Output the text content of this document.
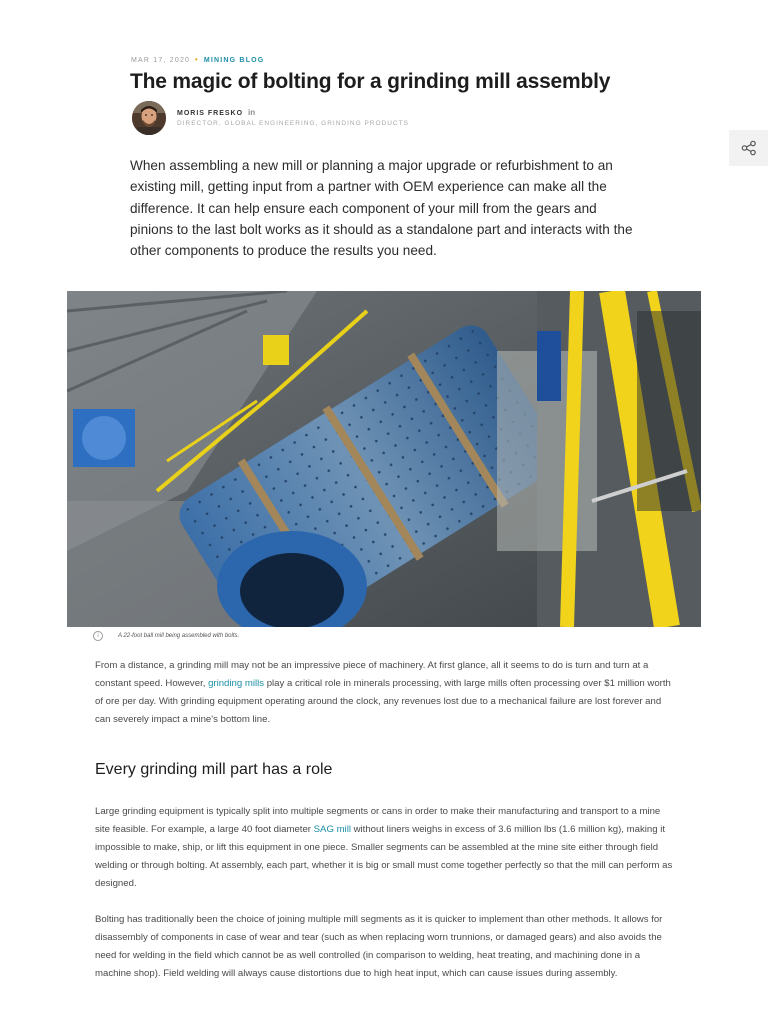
MAR 17, 2020 • MINING BLOG
The magic of bolting for a grinding mill assembly
MORIS FRESKO in
DIRECTOR, GLOBAL ENGINEERING, GRINDING PRODUCTS

When assembling a new mill or planning a major upgrade or refurbishment to an existing mill, getting input from a partner with OEM experience can make all the difference. It can help ensure each component of your mill from the gears and pinions to the last bolt works as it should as a standalone part and interacts with the other components to produce the results you need.

i	A 22-foot ball mill being assembled with bolts.

From a distance, a grinding mill may not be an impressive piece of machinery. At first glance, all it seems to do is turn and turn at a constant speed. However, grinding mills play a critical role in minerals processing, with large mills often processing over $1 million worth of ore per day. With grinding equipment operating around the clock, any revenues lost due to a mechanical failure are lost forever and can severely impact a mine's bottom line.

Every grinding mill part has a role

Large grinding equipment is typically split into multiple segments or cans in order to make their manufacturing and transport to a mine site feasible. For example, a large 40 foot diameter SAG mill without liners weighs in excess of 3.6 million lbs (1.6 million kg), making it impossible to make, ship, or lift this equipment in one piece. Smaller segments can be assembled at the mine site either through field welding or through bolting. At assembly, each part, whether it is big or small must come together perfectly so that the mill can perform as designed.

Bolting has traditionally been the choice of joining multiple mill segments as it is quicker to implement than other methods. It allows for disassembly of components in case of wear and tear (such as when replacing worn trunnions, or damaged gears) and also avoids the need for welding in the field which cannot be as well controlled (in comparison to welding, heat treating, and machining done in a machine shop). Field welding will always cause distortions due to high heat input, which can cause issues during assembly.
